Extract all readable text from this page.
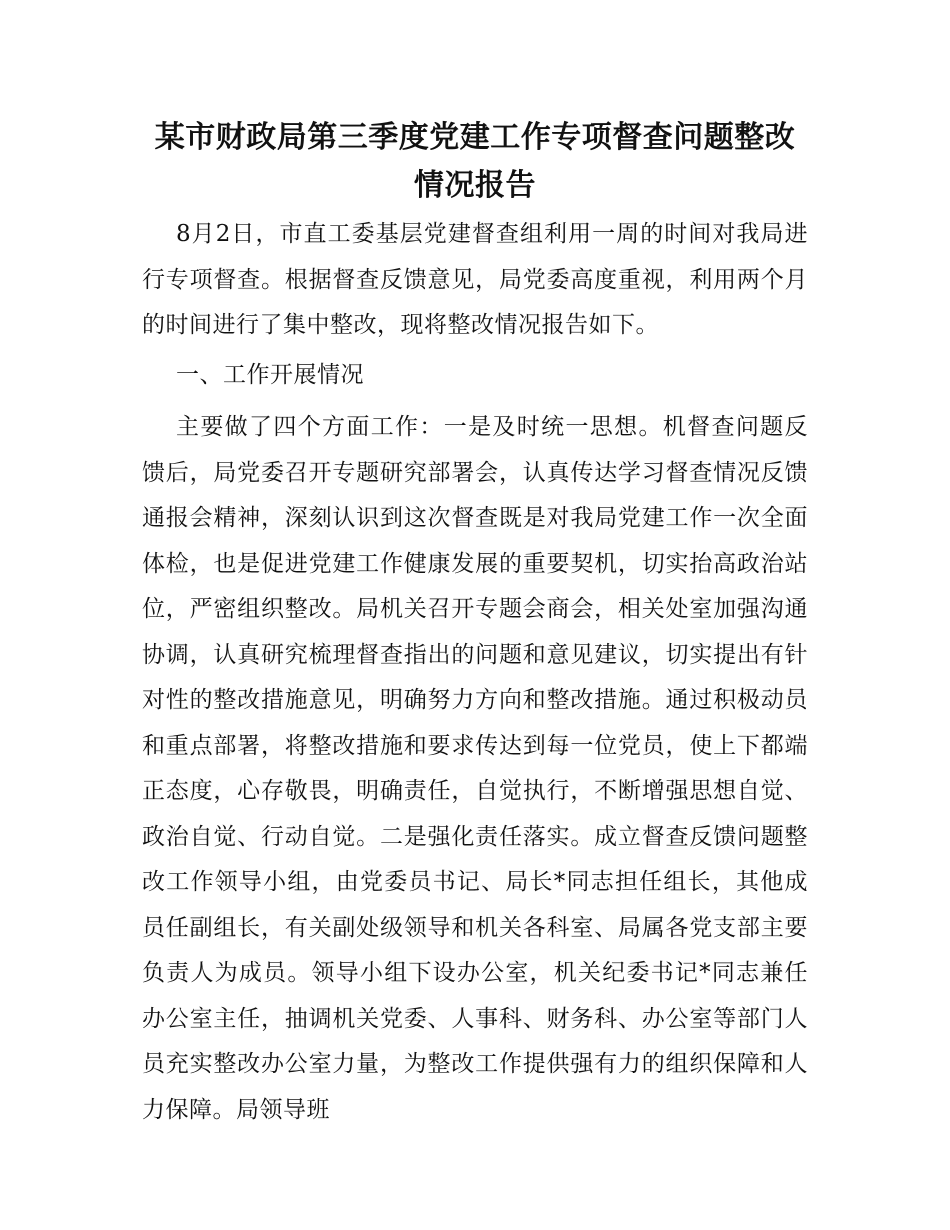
某市财政局第三季度党建工作专项督查问题整改情况报告

8月2日，市直工委基层党建督查组利用一周的时间对我局进行专项督查。根据督查反馈意见，局党委高度重视，利用两个月的时间进行了集中整改，现将整改情况报告如下。

一、工作开展情况

主要做了四个方面工作：一是及时统一思想。机督查问题反馈后，局党委召开专题研究部署会，认真传达学习督查情况反馈通报会精神，深刻认识到这次督查既是对我局党建工作一次全面体检，也是促进党建工作健康发展的重要契机，切实抬高政治站位，严密组织整改。局机关召开专题会商会，相关处室加强沟通协调，认真研究梳理督查指出的问题和意见建议，切实提出有针对性的整改措施意见，明确努力方向和整改措施。通过积极动员和重点部署，将整改措施和要求传达到每一位党员，使上下都端正态度，心存敬畏，明确责任，自觉执行，不断增强思想自觉、政治自觉、行动自觉。二是强化责任落实。成立督查反馈问题整改工作领导小组，由党委员书记、局长*同志担任组长，其他成员任副组长，有关副处级领导和机关各科室、局属各党支部主要负责人为成员。领导小组下设办公室，机关纪委书记*同志兼任办公室主任，抽调机关党委、人事科、财务科、办公室等部门人员充实整改办公室力量，为整改工作提供强有力的组织保障和人力保障。局领导班
